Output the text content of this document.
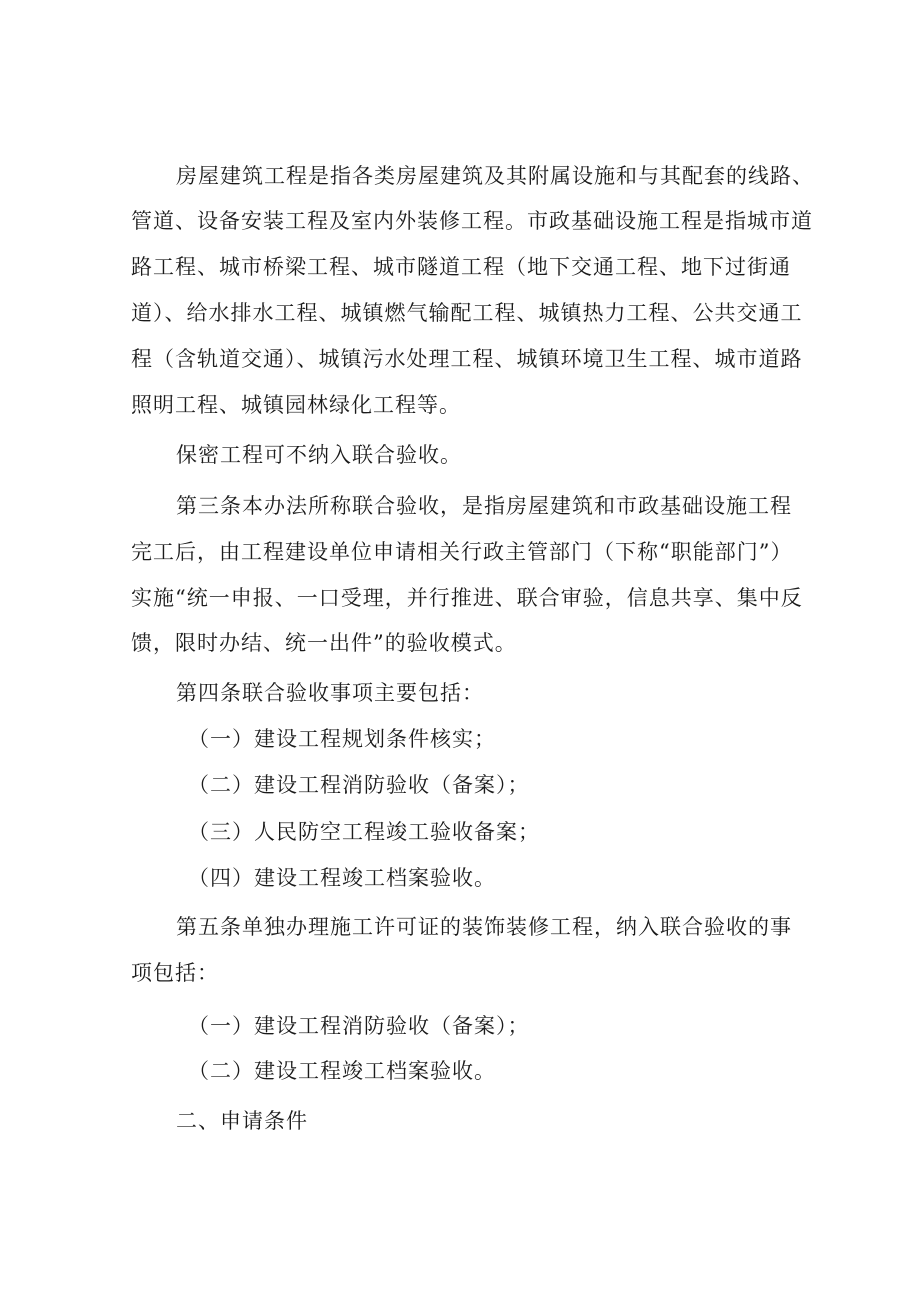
房屋建筑工程是指各类房屋建筑及其附属设施和与其配套的线路、
管道、设备安装工程及室内外装修工程。市政基础设施工程是指城市道
路工程、城市桥梁工程、城市隧道工程（地下交通工程、地下过街通
道）、给水排水工程、城镇燃气输配工程、城镇热力工程、公共交通工
程（含轨道交通）、城镇污水处理工程、城镇环境卫生工程、城市道路
照明工程、城镇园林绿化工程等。
保密工程可不纳入联合验收。
第三条本办法所称联合验收，是指房屋建筑和市政基础设施工程
完工后，由工程建设单位申请相关行政主管部门（下称“职能部门”）
实施“统一申报、一口受理，并行推进、联合审验，信息共享、集中反
馈，限时办结、统一出件”的验收模式。
第四条联合验收事项主要包括：
（一）建设工程规划条件核实；
（二）建设工程消防验收（备案）；
（三）人民防空工程竣工验收备案；
（四）建设工程竣工档案验收。
第五条单独办理施工许可证的装饰装修工程，纳入联合验收的事
项包括：
（一）建设工程消防验收（备案）；
（二）建设工程竣工档案验收。
二、申请条件
